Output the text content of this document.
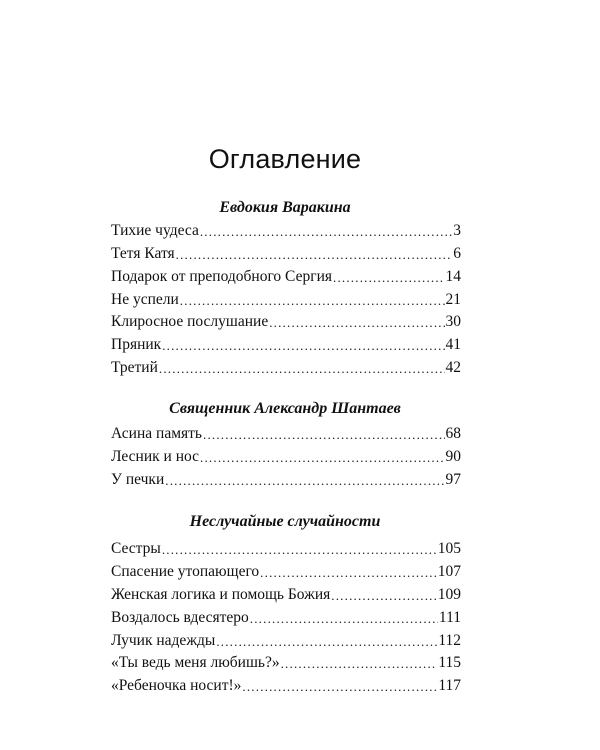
Оглавление
Евдокия Варакина
Тихие чудеса .....	3
Тетя Катя .....	6
Подарок от преподобного Сергия .....	14
Не успели .....	21
Клиросное послушание .....	30
Пряник .....	41
Третий .....	42
Священник Александр Шантаев
Асина память .....	68
Лесник и нос .....	90
У печки .....	97
Неслучайные случайности
Сестры .....	105
Спасение утопающего .....	107
Женская логика и помощь Божия .....	109
Воздалось вдесятеро .....	111
Лучик надежды .....	112
«Ты ведь меня любишь?» .....	115
«Ребеночка носит!» .....	117
